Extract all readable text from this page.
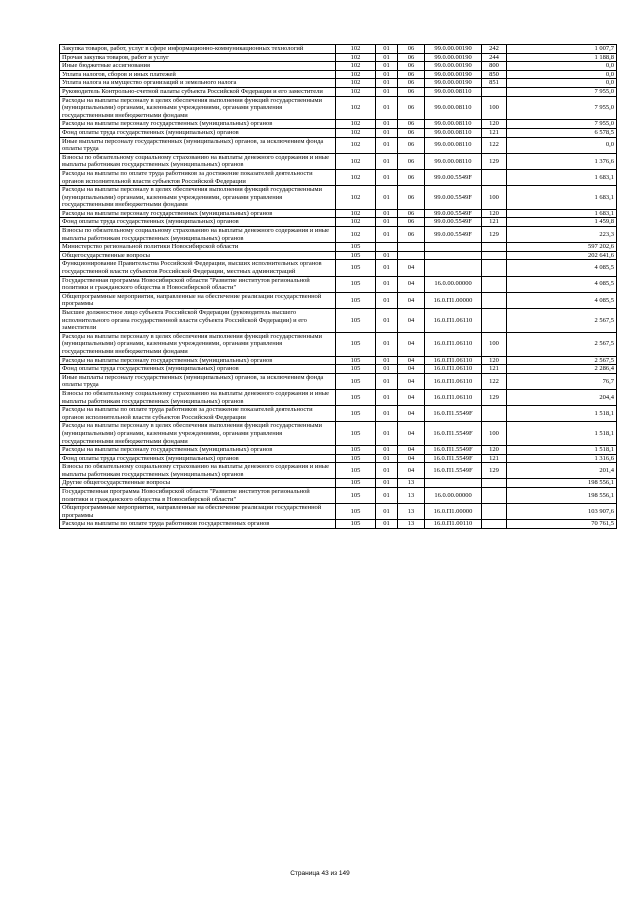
Закупка товаров, работ, услуг в сфере информационно-коммуникационных технологий	102	01	06	99.0.00.00190	242	1 007,7
Прочая закупка товаров, работ и услуг	102	01	06	99.0.00.00190	244	1 188,8
Иные бюджетные ассигнования	102	01	06	99.0.00.00190	800	0,0
Уплата налогов, сборов и иных платежей	102	01	06	99.0.00.00190	850	0,0
Уплата налога на имущество организаций и земельного налога	102	01	06	99.0.00.00190	851	0,0
Руководитель Контрольно-счетной палаты субъекта Российской Федерации и его заместители	102	01	06	99.0.00.08110		7 955,0
Расходы на выплаты персоналу в целях обеспечения выполнения функций государственными (муниципальными) органами, казенными учреждениями, органами управления государственными внебюджетными фондами	102	01	06	99.0.00.08110	100	7 955,0
Расходы на выплаты персоналу государственных (муниципальных) органов	102	01	06	99.0.00.08110	120	7 955,0
Фонд оплаты труда государственных (муниципальных) органов	102	01	06	99.0.00.08110	121	6 578,5
Иные выплаты персоналу государственных (муниципальных) органов, за исключением фонда оплаты труда	102	01	06	99.0.00.08110	122	0,0
Взносы по обязательному социальному страхованию на выплаты денежного содержания и иные выплаты работникам государственных (муниципальных) органов	102	01	06	99.0.00.08110	129	1 376,6
Расходы на выплаты по оплате труда работников за достижение показателей деятельности органов исполнительной власти субъектов Российской Федерации	102	01	06	99.0.00.5549F		1 683,1
Расходы на выплаты персоналу в целях обеспечения выполнения функций государственными (муниципальными) органами, казенными учреждениями, органами управления государственными внебюджетными фондами	102	01	06	99.0.00.5549F	100	1 683,1
Расходы на выплаты персоналу государственных (муниципальных) органов	102	01	06	99.0.00.5549F	120	1 683,1
Фонд оплаты труда государственных (муниципальных) органов	102	01	06	99.0.00.5549F	121	1 459,8
Взносы по обязательному социальному страхованию на выплаты денежного содержания и иные выплаты работникам государственных (муниципальных) органов	102	01	06	99.0.00.5549F	129	223,3
Министерство региональной политики Новосибирской области	105					597 202,6
Общегосударственные вопросы	105	01				202 641,6
Функционирование Правительства Российской Федерации, высших исполнительных органов государственной власти субъектов Российской Федерации, местных администраций	105	01	04			4 085,5
Государственная программа Новосибирской области "Развитие институтов региональной политики и гражданского общества в Новосибирской области"	105	01	04	16.0.00.00000		4 085,5
Общепрограммные мероприятия, направленные на обеспечение реализации государственной программы	105	01	04	16.0.П1.00000		4 085,5
Высшее должностное лицо субъекта Российской Федерации (руководитель высшего исполнительного органа государственной власти субъекта Российской Федерации) и его заместители	105	01	04	16.0.П1.06110		2 567,5
Расходы на выплаты персоналу в целях обеспечения выполнения функций государственными (муниципальными) органами, казенными учреждениями, органами управления государственными внебюджетными фондами	105	01	04	16.0.П1.06110	100	2 567,5
Расходы на выплаты персоналу государственных (муниципальных) органов	105	01	04	16.0.П1.06110	120	2 567,5
Фонд оплаты труда государственных (муниципальных) органов	105	01	04	16.0.П1.06110	121	2 286,4
Иные выплаты персоналу государственных (муниципальных) органов, за исключением фонда оплаты труда	105	01	04	16.0.П1.06110	122	76,7
Взносы по обязательному социальному страхованию на выплаты денежного содержания и иные выплаты работникам государственных (муниципальных) органов	105	01	04	16.0.П1.06110	129	204,4
Расходы на выплаты по оплате труда работников за достижение показателей деятельности органов исполнительной власти субъектов Российской Федерации	105	01	04	16.0.П1.5549F		1 518,1
Расходы на выплаты персоналу в целях обеспечения выполнения функций государственными (муниципальными) органами, казенными учреждениями, органами управления государственными внебюджетными фондами	105	01	04	16.0.П1.5549F	100	1 518,1
Расходы на выплаты персоналу государственных (муниципальных) органов	105	01	04	16.0.П1.5549F	120	1 518,1
Фонд оплаты труда государственных (муниципальных) органов	105	01	04	16.0.П1.5549F	121	1 316,6
Взносы по обязательному социальному страхованию на выплаты денежного содержания и иные выплаты работникам государственных (муниципальных) органов	105	01	04	16.0.П1.5549F	129	201,4
Другие общегосударственные вопросы	105	01	13			198 556,1
Государственная программа Новосибирской области "Развитие институтов региональной политики и гражданского общества в Новосибирской области"	105	01	13	16.0.00.00000		198 556,1
Общепрограммные мероприятия, направленные на обеспечение реализации государственной программы	105	01	13	16.0.П1.00000		103 907,6
Расходы на выплаты по оплате труда работников государственных органов	105	01	13	16.0.П1.00110		70 761,5
Страница 43 из 149
